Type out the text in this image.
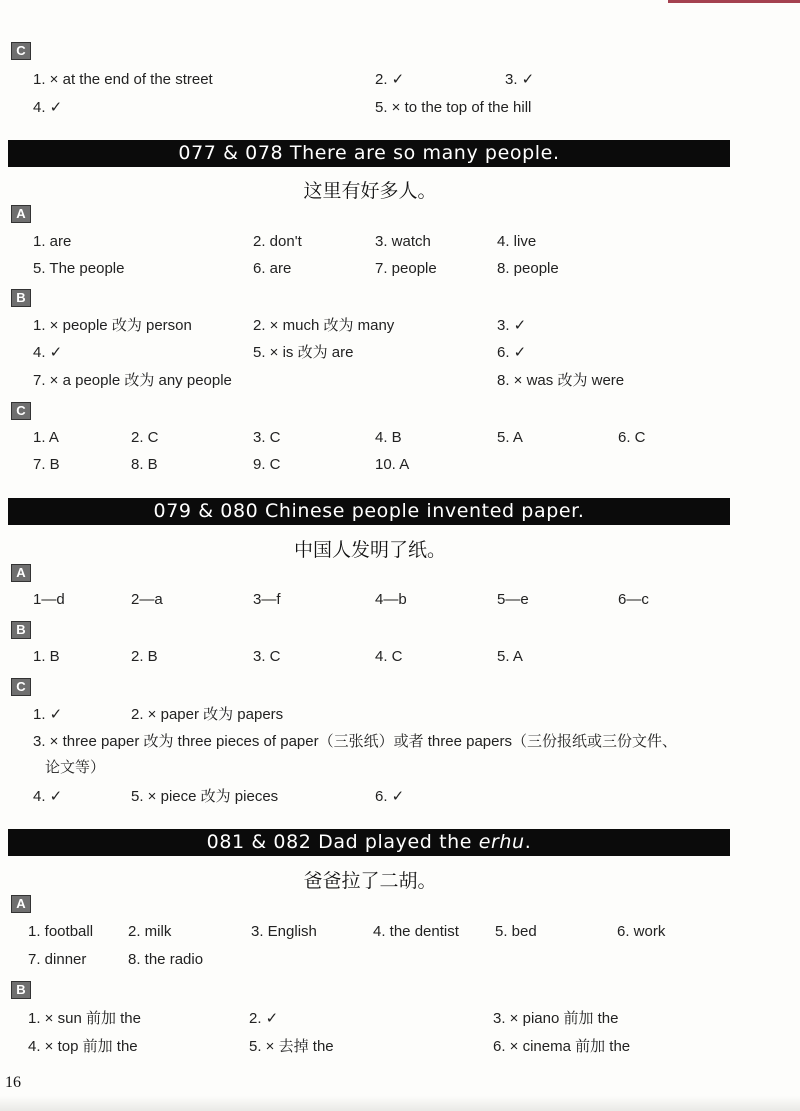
C
1. × at the end of the street	2. ✓	3. ✓
4. ✓	5. × to the top of the hill
077 & 078 There are so many people.
这里有好多人。
A
1. are	2. don't	3. watch	4. live
5. The people	6. are	7. people	8. people
B
1. × people 改为 person	2. × much 改为 many	3. ✓
4. ✓	5. × is 改为 are	6. ✓
7. × a people 改为 any people	8. × was 改为 were
C
1. A	2. C	3. C	4. B	5. A	6. C
7. B	8. B	9. C	10. A
079 & 080 Chinese people invented paper.
中国人发明了纸。
A
1—d	2—a	3—f	4—b	5—e	6—c
B
1. B	2. B	3. C	4. C	5. A
C
1. ✓	2. × paper 改为 papers
3. × three paper 改为 three pieces of paper（三张纸）或者 three papers（三份报纸或三份文件、
论文等）
4. ✓	5. × piece 改为 pieces	6. ✓
081 & 082 Dad played the erhu.
爸爸拉了二胡。
A
1. football 2. milk	3. English	4. the dentist 5. bed	6. work
7. dinner	8. the radio
B
1. × sun 前加 the	2. ✓	3. × piano 前加 the
4. × top 前加 the	5. × 去掉 the	6. × cinema 前加 the
16
